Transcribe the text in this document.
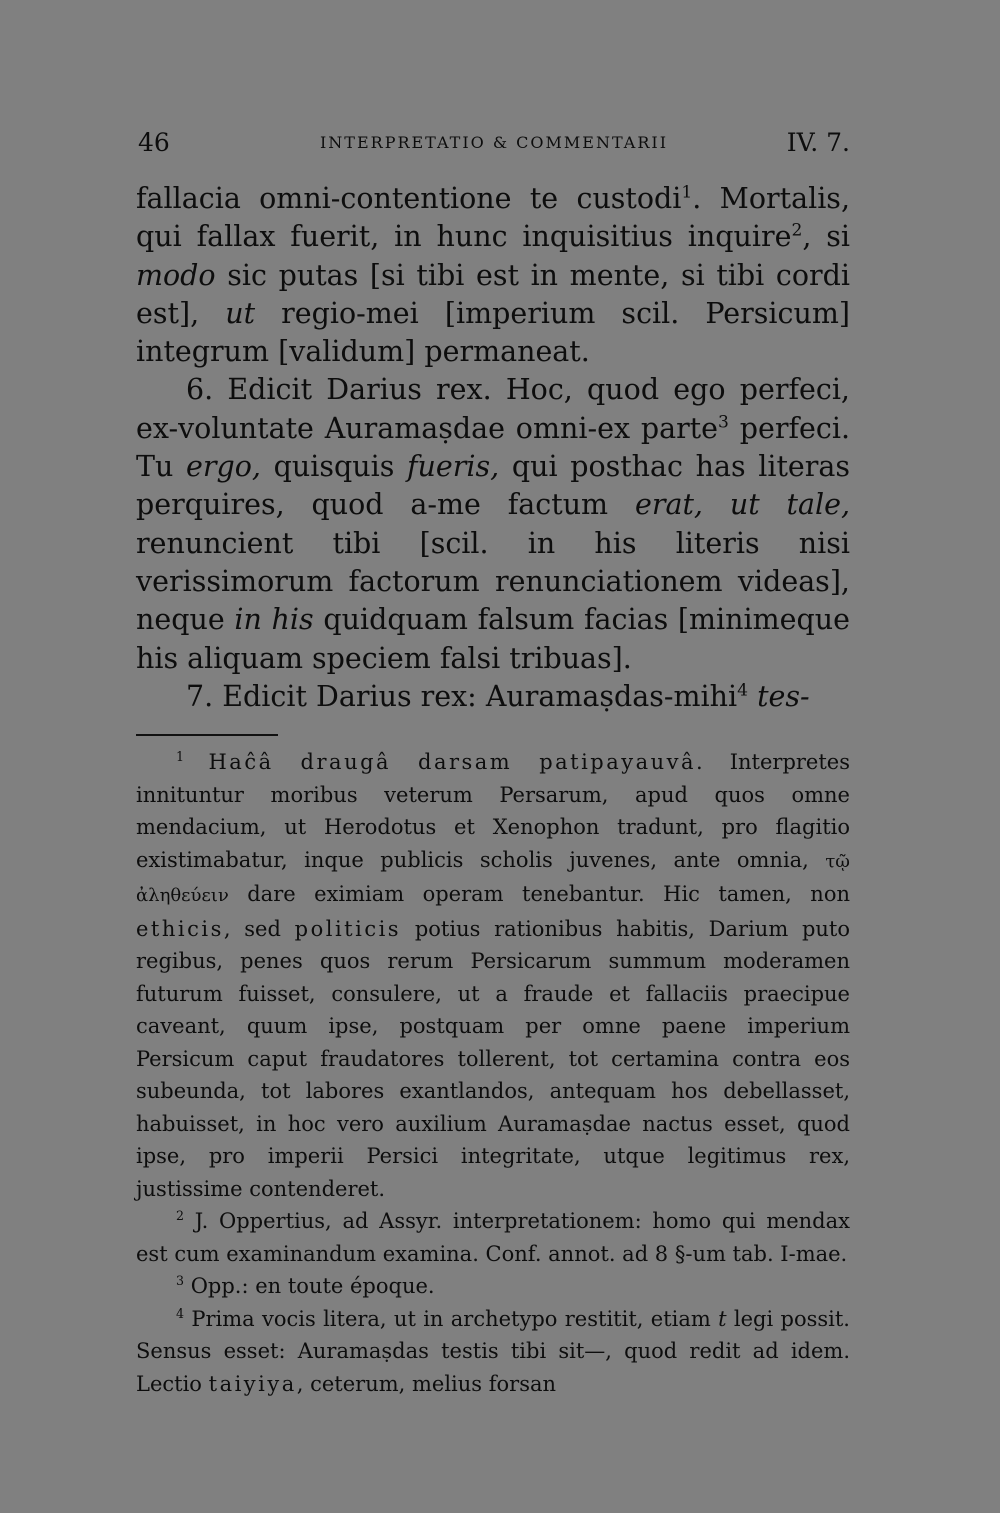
46	INTERPRETATIO & COMMENTARII	IV. 7.

fallacia omni-contentione te custodi$^1$. Mortalis, qui fallax fuerit, in hunc inquisitius inquire$^2$, si modo sic putas [si tibi est in mente, si tibi cordi est], ut regio-mei [imperium scil. Persicum] integrum [validum] permaneat.

6. Edicit Darius rex. Hoc, quod ego perfeci, ex-voluntate Auramaṣdae omni-ex parte$^3$ perfeci. Tu ergo, quisquis fueris, qui posthac has literas perquires, quod a-me factum erat, ut tale, renuncient tibi [scil. in his literis nisi verissimorum factorum renunciationem videas], neque in his quidquam falsum facias [minimeque his aliquam speciem falsi tribuas].

7. Edicit Darius rex: Auramaṣdas-mihi$^4$ tes-

$^1$ Haĉâ draugâ darsam patipayauvâ. Interpretes innituntur moribus veterum Persarum, apud quos omne mendacium, ut Herodotus et Xenophon tradunt, pro flagitio existimabatur, inque publicis scholis juvenes, ante omnia, τῷ ἀληθεύειν dare eximiam operam tenebantur. Hic tamen, non ethicis, sed politicis potius rationibus habitis, Darium puto regibus, penes quos rerum Persicarum summum moderamen futurum fuisset, consulere, ut a fraude et fallaciis praecipue caveant, quum ipse, postquam per omne paene imperium Persicum caput fraudatores tollerent, tot certamina contra eos subeunda, tot labores exantlandos, antequam hos debellasset, habuisset, in hoc vero auxilium Auramaṣdae nactus esset, quod ipse, pro imperii Persici integritate, utque legitimus rex, justissime contenderet.

$^2$ J. Oppertius, ad Assyr. interpretationem: homo qui mendax est cum examinandum examina. Conf. annot. ad 8 §-um tab. I-mae.

$^3$ Opp.: en toute époque.

$^4$ Prima vocis litera, ut in archetypo restitit, etiam t legi possit. Sensus esset: Auramaṣdas testis tibi sit—, quod redit ad idem. Lectio taiyiya, ceterum, melius forsan
